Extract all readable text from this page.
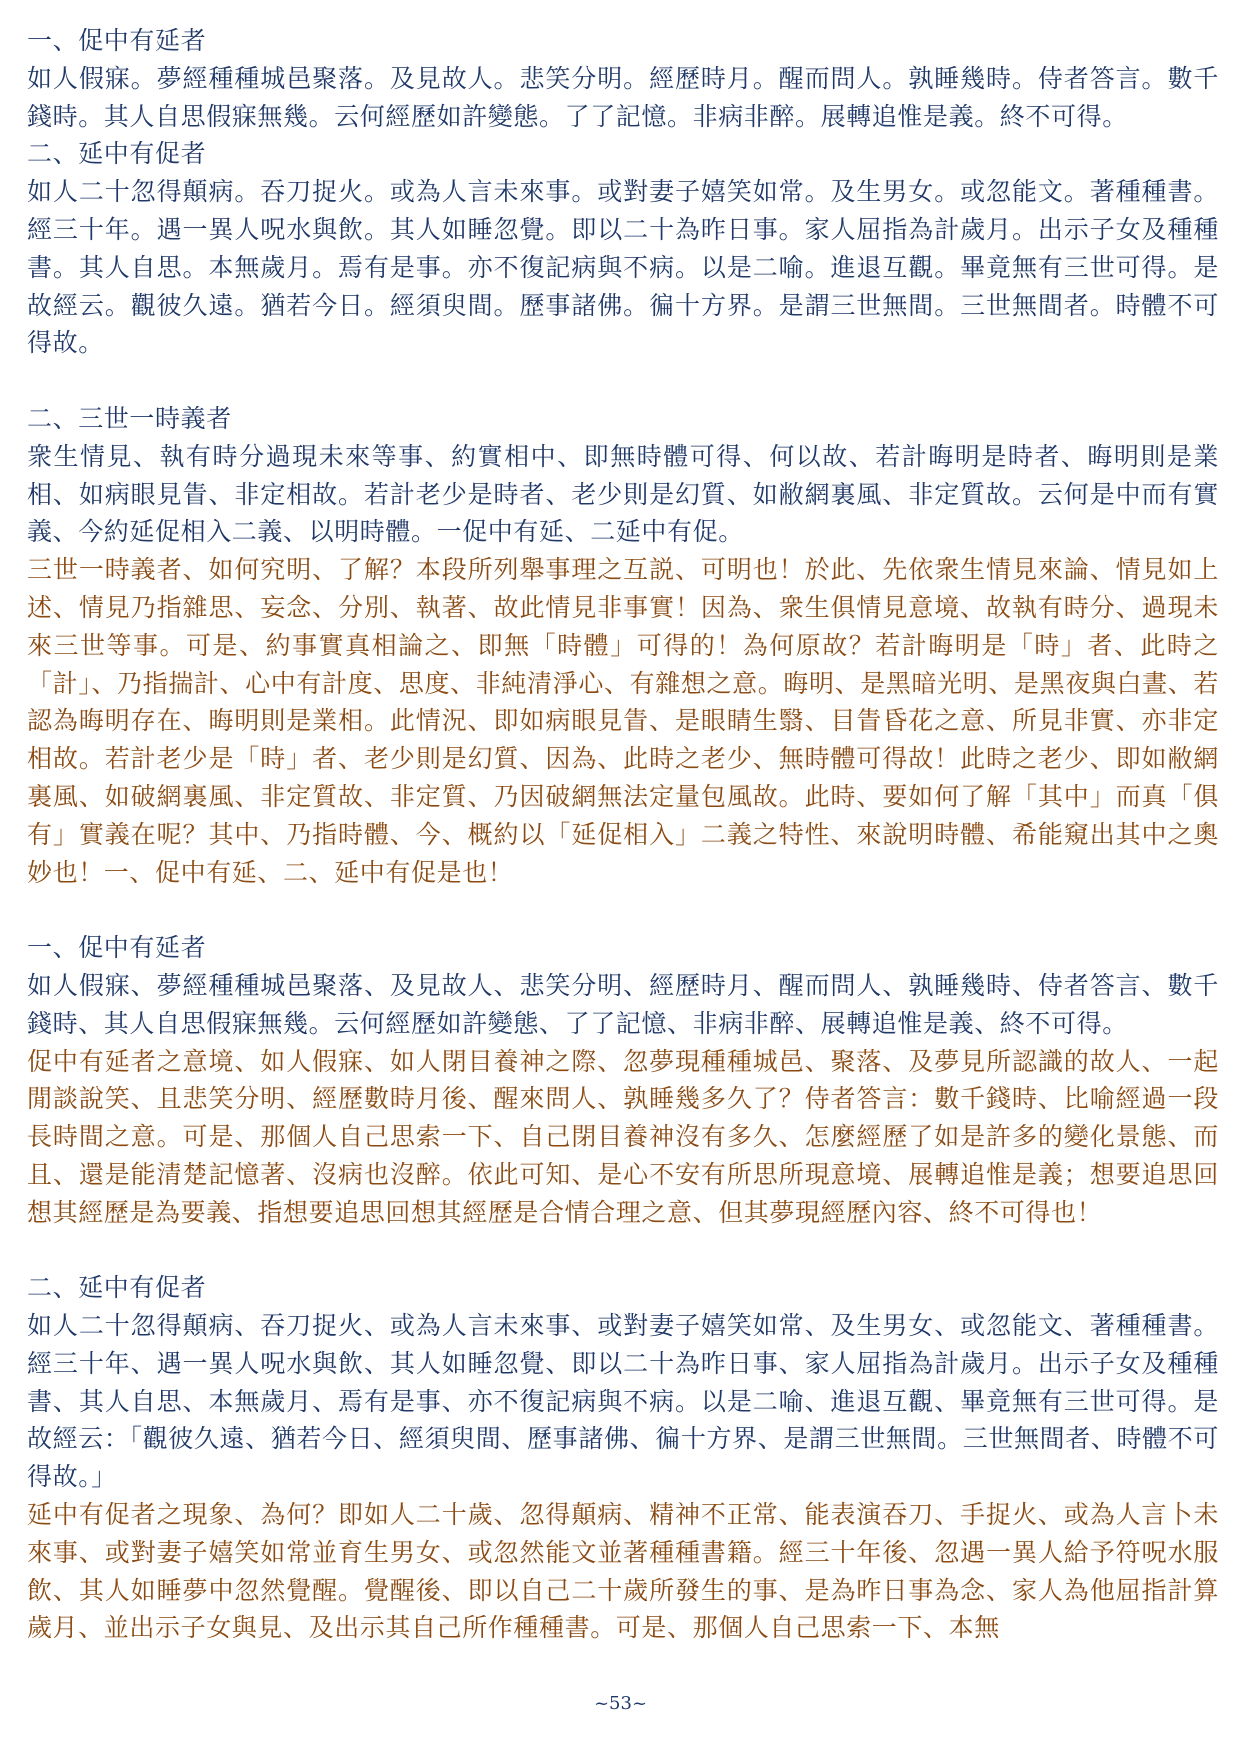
一、促中有延者

如人假寐。夢經種種城邑聚落。及見故人。悲笑分明。經歷時月。醒而問人。孰睡幾時。侍者答言。數千錢時。其人自思假寐無幾。云何經歷如許變態。了了記憶。非病非醉。展轉追惟是義。終不可得。

二、延中有促者

如人二十忽得顛病。吞刀捉火。或為人言未來事。或對妻子嬉笑如常。及生男女。或忽能文。著種種書。經三十年。遇一異人呪水與飲。其人如睡忽覺。即以二十為昨日事。家人屈指為計歲月。出示子女及種種書。其人自思。本無歲月。焉有是事。亦不復記病與不病。以是二喻。進退互觀。畢竟無有三世可得。是故經云。觀彼久遠。猶若今日。經須臾間。歷事諸佛。徧十方界。是謂三世無間。三世無間者。時體不可得故。

二、三世一時義者

衆生情見、執有時分過現未來等事、約實相中、即無時體可得、何以故、若計晦明是時者、晦明則是業相、如病眼見眚、非定相故。若計老少是時者、老少則是幻質、如敝網裏風、非定質故。云何是中而有實義、今約延促相入二義、以明時體。一促中有延、二延中有促。

三世一時義者、如何究明、了解？本段所列舉事理之互説、可明也！於此、先依衆生情見來論、情見如上述、情見乃指雜思、妄念、分別、執著、故此情見非事實！因為、衆生俱情見意境、故執有時分、過現未來三世等事。可是、約事實真相論之、即無「時體」可得的！為何原故？若計晦明是「時」者、此時之「計」、乃指揣計、心中有計度、思度、非純清淨心、有雜想之意。晦明、是黑暗光明、是黑夜與白晝、若認為晦明存在、晦明則是業相。此情況、即如病眼見眚、是眼睛生翳、目眚昏花之意、所見非實、亦非定相故。若計老少是「時」者、老少則是幻質、因為、此時之老少、無時體可得故！此時之老少、即如敝網裏風、如破網裏風、非定質故、非定質、乃因破網無法定量包風故。此時、要如何了解「其中」而真「俱有」實義在呢？其中、乃指時體、今、概約以「延促相入」二義之特性、來說明時體、希能窺出其中之奧妙也！一、促中有延、二、延中有促是也！

一、促中有延者

如人假寐、夢經種種城邑聚落、及見故人、悲笑分明、經歷時月、醒而問人、孰睡幾時、侍者答言、數千錢時、其人自思假寐無幾。云何經歷如許變態、了了記憶、非病非醉、展轉追惟是義、終不可得。

促中有延者之意境、如人假寐、如人閉目養神之際、忽夢現種種城邑、聚落、及夢見所認識的故人、一起閒談說笑、且悲笑分明、經歷數時月後、醒來問人、孰睡幾多久了？侍者答言：數千錢時、比喻經過一段長時間之意。可是、那個人自己思索一下、自己閉目養神沒有多久、怎麼經歷了如是許多的變化景態、而且、還是能清楚記憶著、沒病也沒醉。依此可知、是心不安有所思所現意境、展轉追惟是義；想要追思回想其經歷是為要義、指想要追思回想其經歷是合情合理之意、但其夢現經歷內容、終不可得也！

二、延中有促者

如人二十忽得顛病、吞刀捉火、或為人言未來事、或對妻子嬉笑如常、及生男女、或忽能文、著種種書。經三十年、遇一異人呪水與飲、其人如睡忽覺、即以二十為昨日事、家人屈指為計歲月。出示子女及種種書、其人自思、本無歲月、焉有是事、亦不復記病與不病。以是二喻、進退互觀、畢竟無有三世可得。是故經云：「觀彼久遠、猶若今日、經須臾間、歷事諸佛、徧十方界、是謂三世無間。三世無間者、時體不可得故。」

延中有促者之現象、為何？即如人二十歲、忽得顛病、精神不正常、能表演吞刀、手捉火、或為人言卜未來事、或對妻子嬉笑如常並育生男女、或忽然能文並著種種書籍。經三十年後、忽遇一異人給予符呪水服飲、其人如睡夢中忽然覺醒。覺醒後、即以自己二十歲所發生的事、是為昨日事為念、家人為他屈指計算歲月、並出示子女與見、及出示其自己所作種種書。可是、那個人自己思索一下、本無

~53~
